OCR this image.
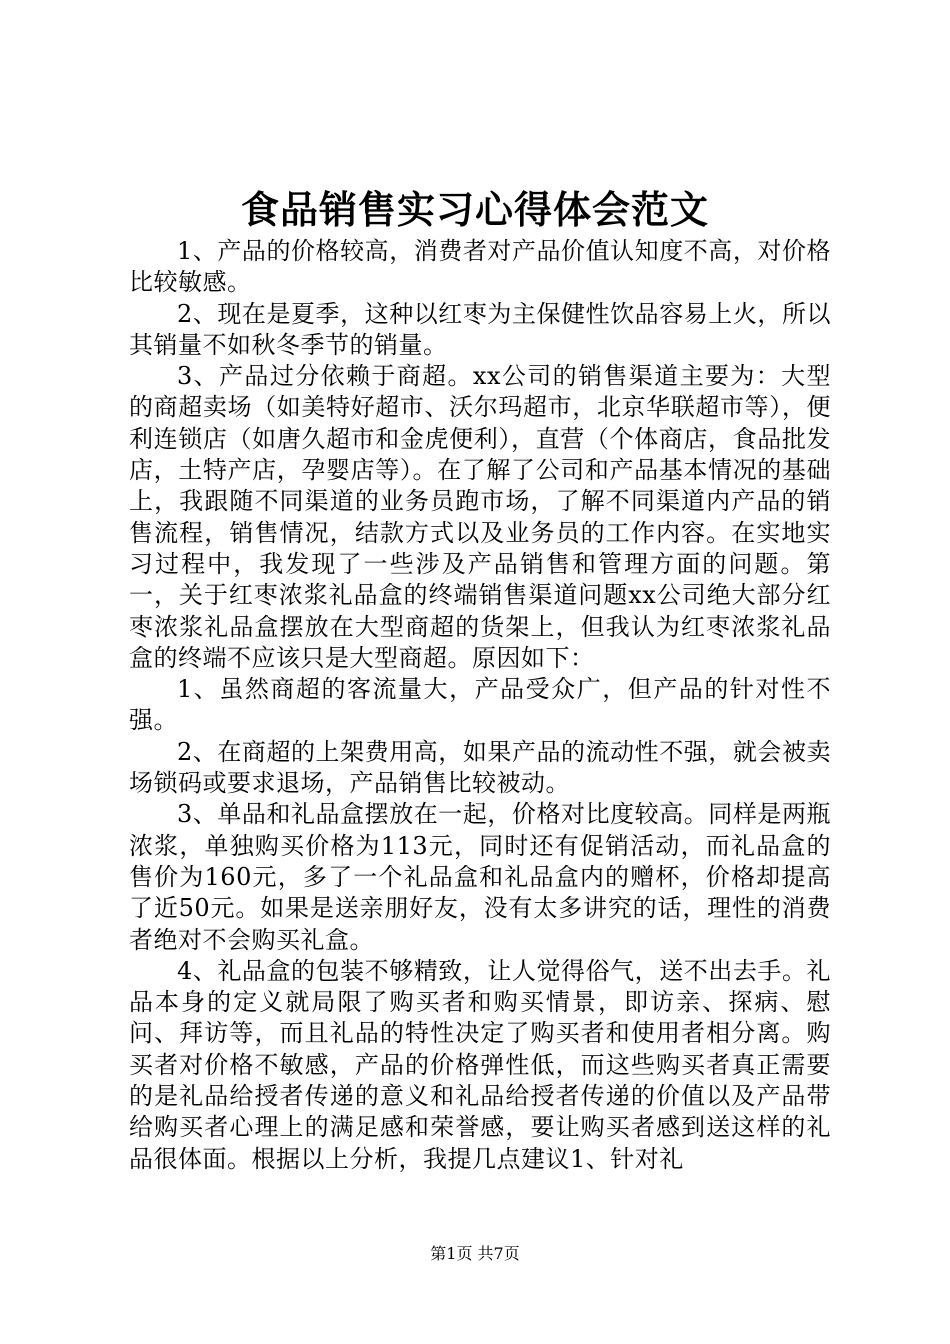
食品销售实习心得体会范文

1、产品的价格较高，消费者对产品价值认知度不高，对价格比较敏感。

2、现在是夏季，这种以红枣为主保健性饮品容易上火，所以其销量不如秋冬季节的销量。

3、产品过分依赖于商超。xx公司的销售渠道主要为：大型的商超卖场（如美特好超市、沃尔玛超市，北京华联超市等），便利连锁店（如唐久超市和金虎便利），直营（个体商店，食品批发店，土特产店，孕婴店等）。在了解了公司和产品基本情况的基础上，我跟随不同渠道的业务员跑市场，了解不同渠道内产品的销售流程，销售情况，结款方式以及业务员的工作内容。在实地实习过程中，我发现了一些涉及产品销售和管理方面的问题。第一，关于红枣浓浆礼品盒的终端销售渠道问题xx公司绝大部分红枣浓浆礼品盒摆放在大型商超的货架上，但我认为红枣浓浆礼品盒的终端不应该只是大型商超。原因如下：

1、虽然商超的客流量大，产品受众广，但产品的针对性不强。

2、在商超的上架费用高，如果产品的流动性不强，就会被卖场锁码或要求退场，产品销售比较被动。

3、单品和礼品盒摆放在一起，价格对比度较高。同样是两瓶浓浆，单独购买价格为113元，同时还有促销活动，而礼品盒的售价为160元，多了一个礼品盒和礼品盒内的赠杯，价格却提高了近50元。如果是送亲朋好友，没有太多讲究的话，理性的消费者绝对不会购买礼盒。

4、礼品盒的包装不够精致，让人觉得俗气，送不出去手。礼品本身的定义就局限了购买者和购买情景，即访亲、探病、慰问、拜访等，而且礼品的特性决定了购买者和使用者相分离。购买者对价格不敏感，产品的价格弹性低，而这些购买者真正需要的是礼品给授者传递的意义和礼品给授者传递的价值以及产品带给购买者心理上的满足感和荣誉感，要让购买者感到送这样的礼品很体面。根据以上分析，我提几点建议1、针对礼

第1页 共7页
